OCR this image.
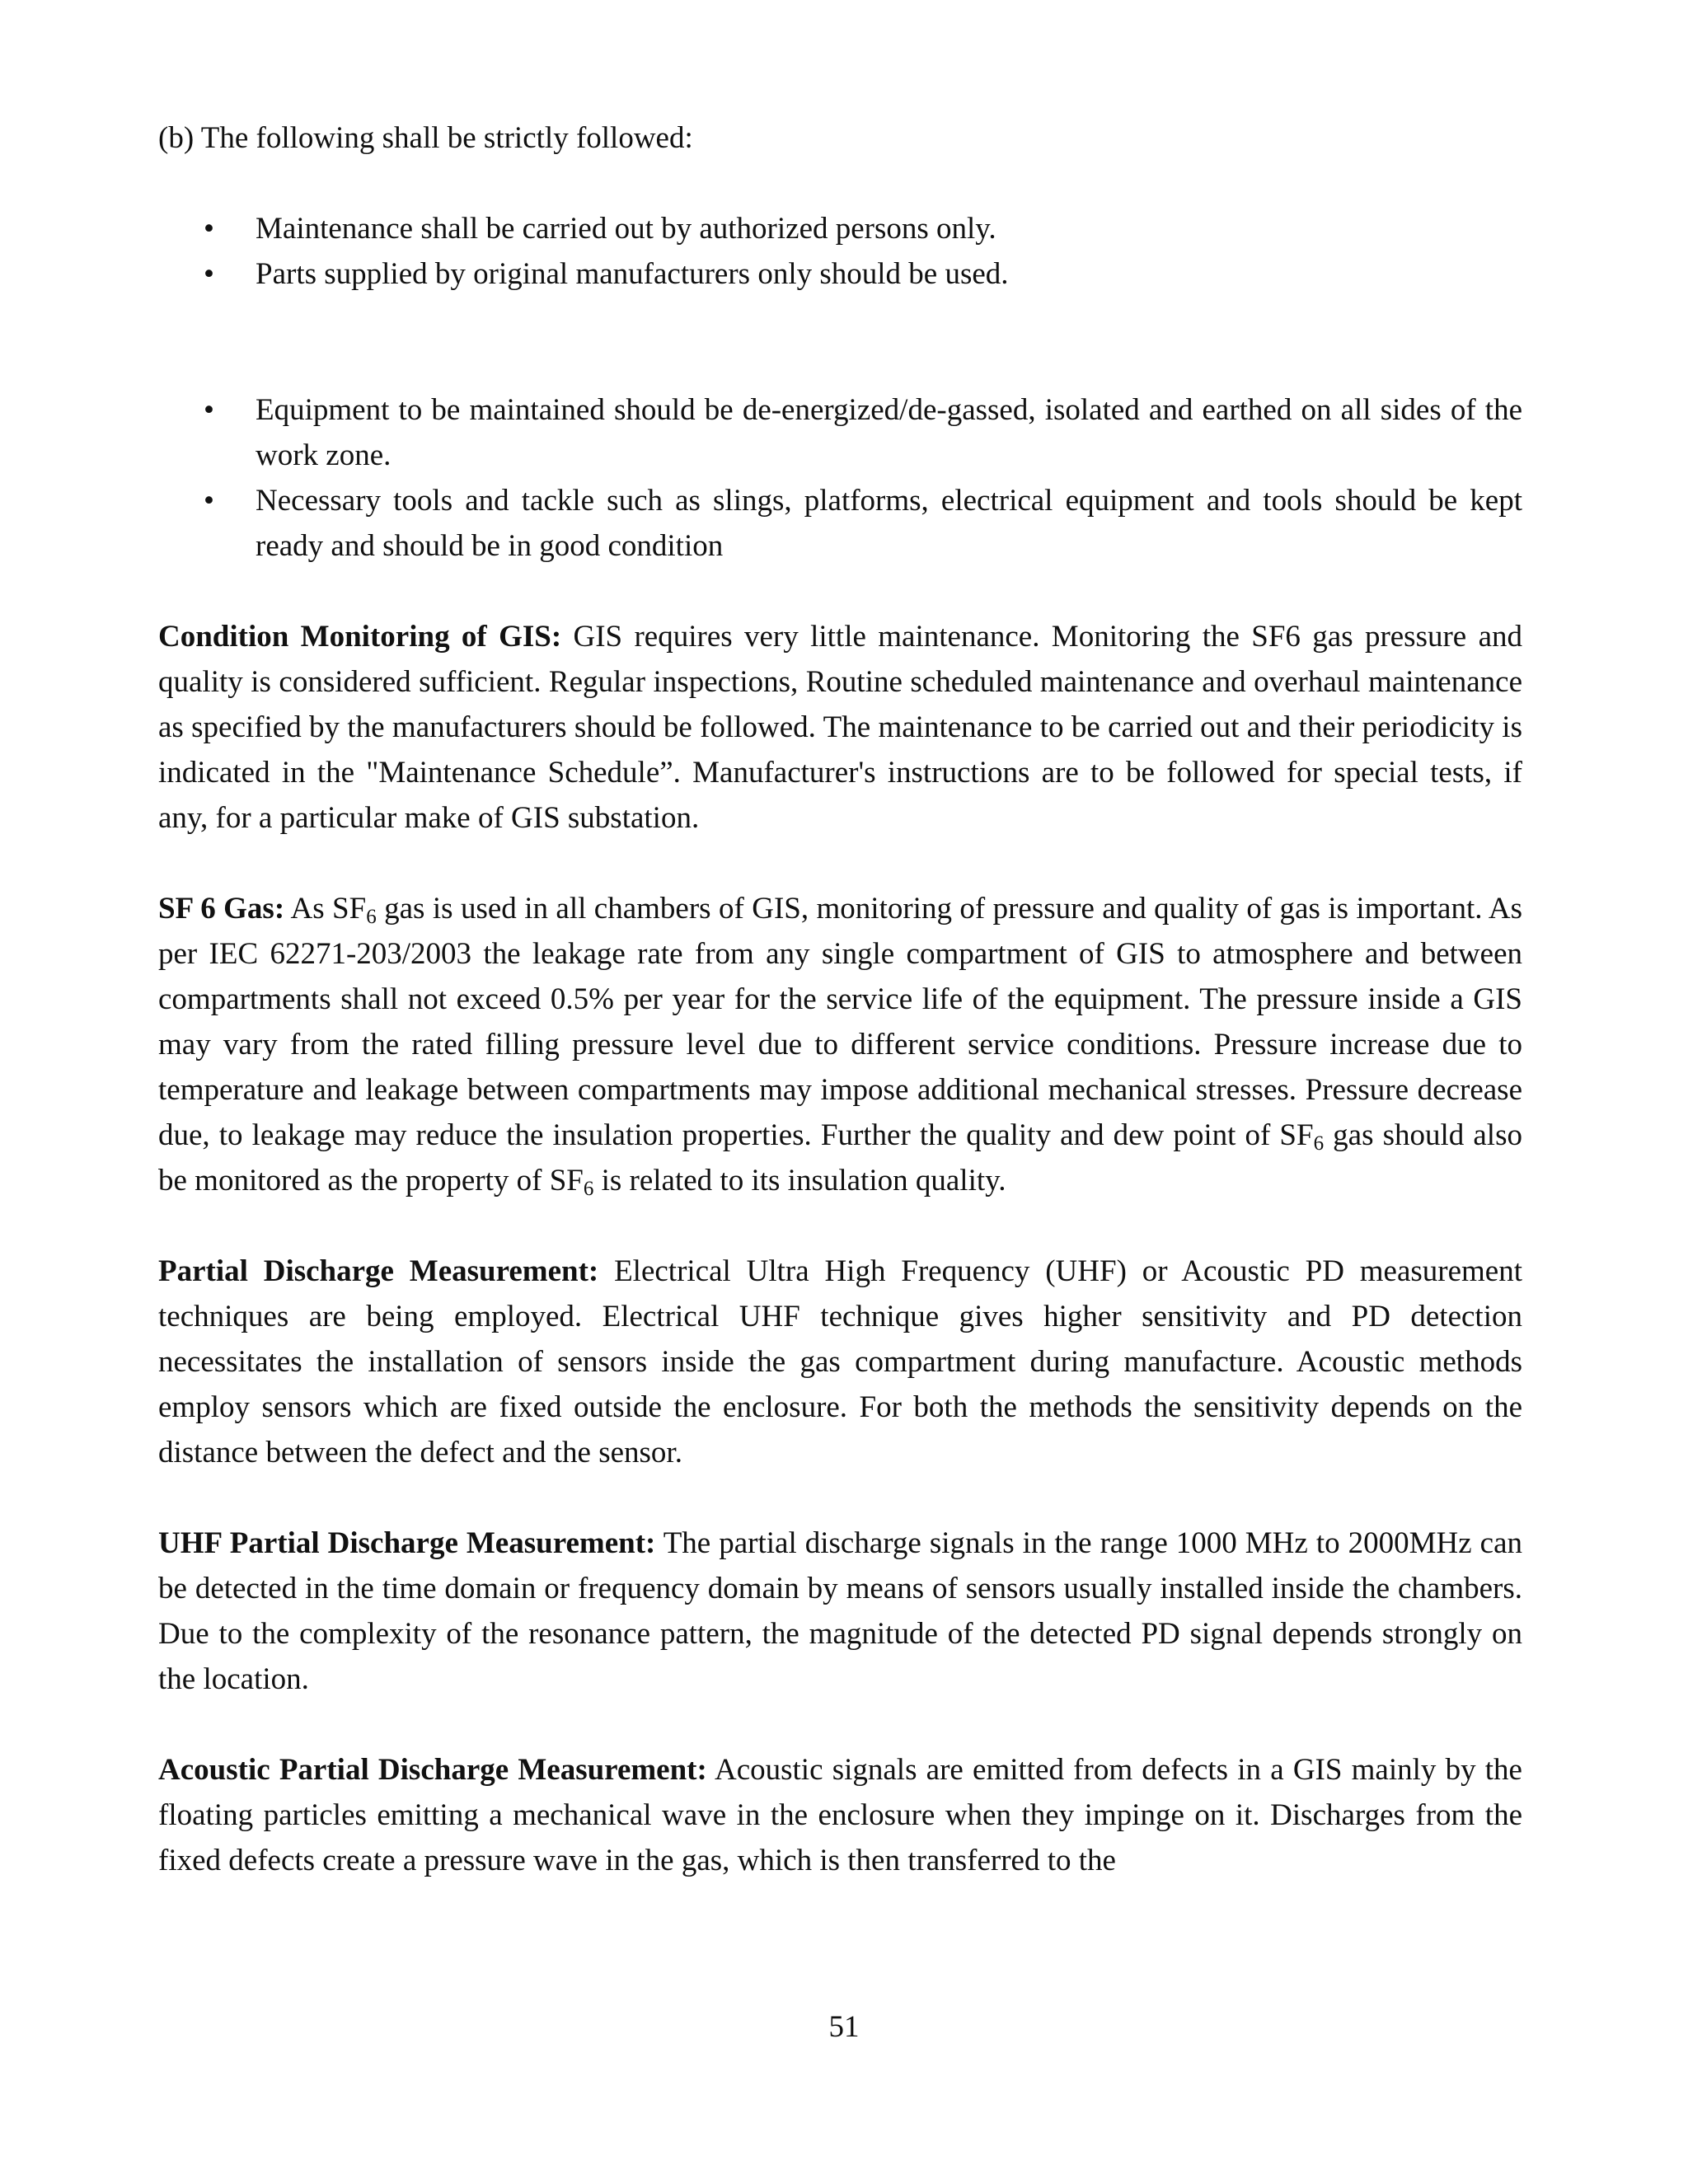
(b) The following shall be strictly followed:

• Maintenance shall be carried out by authorized persons only.
• Parts supplied by original manufacturers only should be used.
• Equipment to be maintained should be de-energized/de-gassed, isolated and earthed on all sides of the work zone.
• Necessary tools and tackle such as slings, platforms, electrical equipment and tools should be kept ready and should be in good condition

Condition Monitoring of GIS: GIS requires very little maintenance. Monitoring the SF6 gas pressure and quality is considered sufficient. Regular inspections, Routine scheduled maintenance and overhaul maintenance as specified by the manufacturers should be followed. The maintenance to be carried out and their periodicity is indicated in the "Maintenance Schedule”. Manufacturer's instructions are to be followed for special tests, if any, for a particular make of GIS substation.

SF 6 Gas: As $SF_6$ gas is used in all chambers of GIS, monitoring of pressure and quality of gas is important. As per IEC 62271-203/2003 the leakage rate from any single compartment of GIS to atmosphere and between compartments shall not exceed 0.5% per year for the service life of the equipment. The pressure inside a GIS may vary from the rated filling pressure level due to different service conditions. Pressure increase due to temperature and leakage between compartments may impose additional mechanical stresses. Pressure decrease due, to leakage may reduce the insulation properties. Further the quality and dew point of $SF_6$ gas should also be monitored as the property of $SF_6$ is related to its insulation quality.

Partial Discharge Measurement: Electrical Ultra High Frequency (UHF) or Acoustic PD measurement techniques are being employed. Electrical UHF technique gives higher sensitivity and PD detection necessitates the installation of sensors inside the gas compartment during manufacture. Acoustic methods employ sensors which are fixed outside the enclosure. For both the methods the sensitivity depends on the distance between the defect and the sensor.

UHF Partial Discharge Measurement: The partial discharge signals in the range 1000 MHz to 2000MHz can be detected in the time domain or frequency domain by means of sensors usually installed inside the chambers. Due to the complexity of the resonance pattern, the magnitude of the detected PD signal depends strongly on the location.

Acoustic Partial Discharge Measurement: Acoustic signals are emitted from defects in a GIS mainly by the floating particles emitting a mechanical wave in the enclosure when they impinge on it. Discharges from the fixed defects create a pressure wave in the gas, which is then transferred to the

51
